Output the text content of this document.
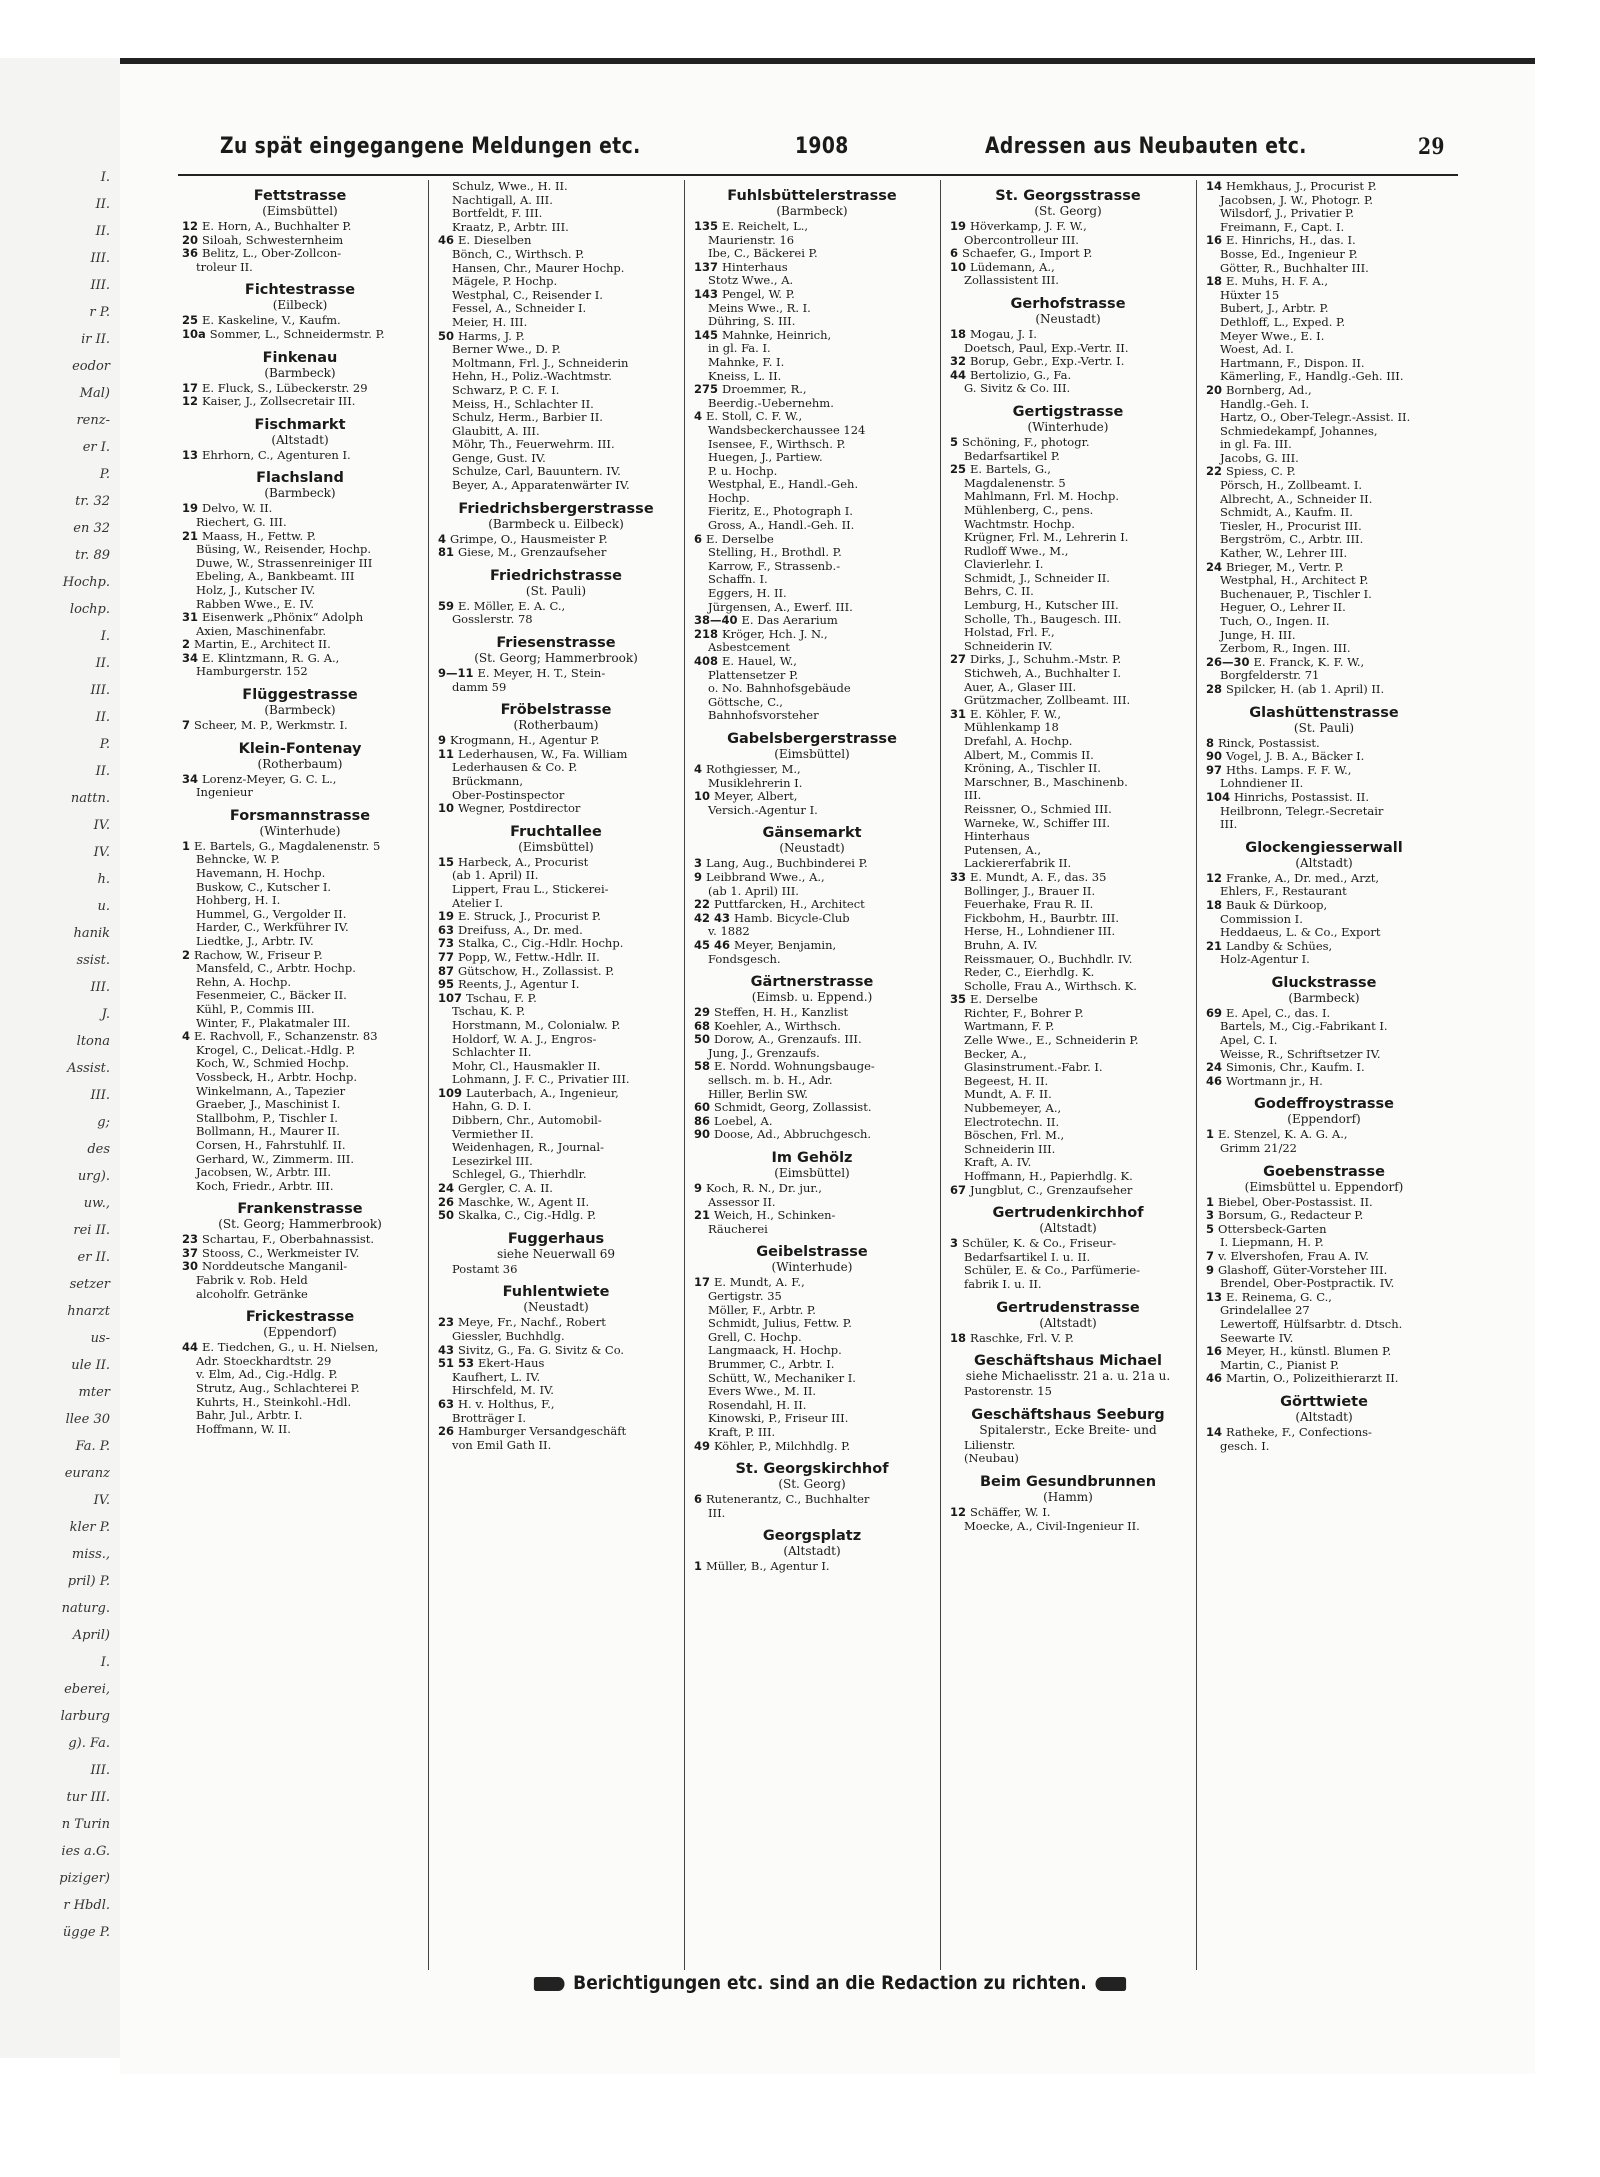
I.
II.
II.
III.
III.
r P.
ir II.
eodor
Mal)
renz-
er I.
P.
tr. 32
en 32
tr. 89
Hochp.
lochp.
I.
II.
III.
II.
P.
II.
nattn.
IV.
IV.
h.
u.
hanik
ssist.
III.
J.
ltona
Assist.
III.
g;
des
urg).
uw.,
rei II.
er II.
setzer
hnarzt
us-
ule II.
mter
llee 30
Fa. P.
euranz
IV.
kler P.
miss.,
pril) P.
naturg.
April)
I.
eberei,
larburg
g). Fa.
III.
tur III.
n Turin
ies a.G.
piziger)
r Hbdl.
ügge P.
Zu spät eingegangene Meldungen etc.	1908	Adressen aus Neubauten etc.	29
Fettstrasse
(Eimsbüttel)
12 E. Horn, A., Buchhalter P.
20 Siloah, Schwesternheim
36 Belitz, L., Ober-Zollcon-
troleur II.
Fichtestrasse
(Eilbeck)
25 E. Kaskeline, V., Kaufm.
10a Sommer, L., Schneidermstr. P.
Finkenau
(Barmbeck)
17 E. Fluck, S., Lübeckerstr. 29
12 Kaiser, J., Zollsecretair III.
Fischmarkt
(Altstadt)
13 Ehrhorn, C., Agenturen I.
Flachsland
(Barmbeck)
19 Delvo, W. II.
Riechert, G. III.
21 Maass, H., Fettw. P.
Büsing, W., Reisender, Hochp.
Duwe, W., Strassenreiniger III
Ebeling, A., Bankbeamt. III
Holz, J., Kutscher IV.
Rabben Wwe., E. IV.
31 Eisenwerk „Phönix“ Adolph
Axien, Maschinenfabr.
2 Martin, E., Architect II.
34 E. Klintzmann, R. G. A.,
Hamburgerstr. 152
Flüggestrasse
(Barmbeck)
7 Scheer, M. P., Werkmstr. I.
Klein-Fontenay
(Rotherbaum)
34 Lorenz-Meyer, G. C. L.,
Ingenieur
Forsmannstrasse
(Winterhude)
1 E. Bartels, G., Magdalenenstr. 5
Behncke, W. P.
Havemann, H. Hochp.
Buskow, C., Kutscher I.
Hohberg, H. I.
Hummel, G., Vergolder II.
Harder, C., Werkführer IV.
Liedtke, J., Arbtr. IV.
2 Rachow, W., Friseur P.
Mansfeld, C., Arbtr. Hochp.
Rehn, A. Hochp.
Fesenmeier, C., Bäcker II.
Kühl, P., Commis III.
Winter, F., Plakatmaler III.
4 E. Rachvoll, F., Schanzenstr. 83
Krogel, C., Delicat.-Hdlg. P.
Koch, W., Schmied Hochp.
Vossbeck, H., Arbtr. Hochp.
Winkelmann, A., Tapezier
Graeber, J., Maschinist I.
Stallbohm, P., Tischler I.
Bollmann, H., Maurer II.
Corsen, H., Fahrstuhlf. II.
Gerhard, W., Zimmerm. III.
Jacobsen, W., Arbtr. III.
Koch, Friedr., Arbtr. III.
Frankenstrasse
(St. Georg; Hammerbrook)
23 Schartau, F., Oberbahnassist.
37 Stooss, C., Werkmeister IV.
30 Norddeutsche Manganil-
Fabrik v. Rob. Held
alcoholfr. Getränke
Frickestrasse
(Eppendorf)
44 E. Tiedchen, G., u. H. Nielsen,
Adr. Stoeckhardtstr. 29
v. Elm, Ad., Cig.-Hdlg. P.
Strutz, Aug., Schlachterei P.
Kuhrts, H., Steinkohl.-Hdl.
Bahr, Jul., Arbtr. I.
Hoffmann, W. II.
Schulz, Wwe., H. II.
Nachtigall, A. III.
Bortfeldt, F. III.
Kraatz, P., Arbtr. III.
46 E. Dieselben
Bönch, C., Wirthsch. P.
Hansen, Chr., Maurer Hochp.
Mägele, P. Hochp.
Westphal, C., Reisender I.
Fessel, A., Schneider I.
Meier, H. III.
50 Harms, J. P.
Berner Wwe., D. P.
Moltmann, Frl. J., Schneiderin
Hehn, H., Poliz.-Wachtmstr.
Schwarz, P. C. F. I.
Meiss, H., Schlachter II.
Schulz, Herm., Barbier II.
Glaubitt, A. III.
Möhr, Th., Feuerwehrm. III.
Genge, Gust. IV.
Schulze, Carl, Bauuntern. IV.
Beyer, A., Apparatenwärter IV.
Friedrichsbergerstrasse
(Barmbeck u. Eilbeck)
4 Grimpe, O., Hausmeister P.
81 Giese, M., Grenzaufseher
Friedrichstrasse
(St. Pauli)
59 E. Möller, E. A. C.,
Gosslerstr. 78
Friesenstrasse
(St. Georg; Hammerbrook)
9—11 E. Meyer, H. T., Stein-
damm 59
Fröbelstrasse
(Rotherbaum)
9 Krogmann, H., Agentur P.
11 Lederhausen, W., Fa. William
Lederhausen & Co. P.
Brückmann,
Ober-Postinspector
10 Wegner, Postdirector
Fruchtallee
(Eimsbüttel)
15 Harbeck, A., Procurist
(ab 1. April) II.
Lippert, Frau L., Stickerei-
Atelier I.
19 E. Struck, J., Procurist P.
63 Dreifuss, A., Dr. med.
73 Stalka, C., Cig.-Hdlr. Hochp.
77 Popp, W., Fettw.-Hdlr. II.
87 Gütschow, H., Zollassist. P.
95 Reents, J., Agentur I.
107 Tschau, F. P.
Tschau, K. P.
Horstmann, M., Colonialw. P.
Holdorf, W. A. J., Engros-
Schlachter II.
Mohr, Cl., Hausmakler II.
Lohmann, J. F. C., Privatier III.
109 Lauterbach, A., Ingenieur,
Hahn, G. D. I.
Dibbern, Chr., Automobil-
Vermiether II.
Weidenhagen, R., Journal-
Lesezirkel III.
Schlegel, G., Thierhdlr.
24 Gergler, C. A. II.
26 Maschke, W., Agent II.
50 Skalka, C., Cig.-Hdlg. P.
Fuggerhaus
siehe Neuerwall 69
Postamt 36
Fuhlentwiete
(Neustadt)
23 Meye, Fr., Nachf., Robert
Giessler, Buchhdlg.
43 Sivitz, G., Fa. G. Sivitz & Co.
51 53 Ekert-Haus
Kaufhert, L. IV.
Hirschfeld, M. IV.
63 H. v. Holthus, F.,
Brotträger I.
26 Hamburger Versandgeschäft
von Emil Gath II.
Fuhlsbüttelerstrasse
(Barmbeck)
135 E. Reichelt, L.,
Maurienstr. 16
Ibe, C., Bäckerei P.
137 Hinterhaus
Stotz Wwe., A.
143 Pengel, W. P.
Meins Wwe., R. I.
Dühring, S. III.
145 Mahnke, Heinrich,
in gl. Fa. I.
Mahnke, F. I.
Kneiss, L. II.
275 Droemmer, R.,
Beerdig.-Uebernehm.
4 E. Stoll, C. F. W.,
Wandsbeckerchaussee 124
Isensee, F., Wirthsch. P.
Huegen, J., Partiew.
P. u. Hochp.
Westphal, E., Handl.-Geh.
Hochp.
Fieritz, E., Photograph I.
Gross, A., Handl.-Geh. II.
6 E. Derselbe
Stelling, H., Brothdl. P.
Karrow, F., Strassenb.-
Schaffn. I.
Eggers, H. II.
Jürgensen, A., Ewerf. III.
38—40 E. Das Aerarium
218 Kröger, Hch. J. N.,
Asbestcement
408 E. Hauel, W.,
Plattensetzer P.
o. No. Bahnhofsgebäude
Göttsche, C.,
Bahnhofsvorsteher
Gabelsbergerstrasse
(Eimsbüttel)
4 Rothgiesser, M.,
Musiklehrerin I.
10 Meyer, Albert,
Versich.-Agentur I.
Gänsemarkt
(Neustadt)
3 Lang, Aug., Buchbinderei P.
9 Leibbrand Wwe., A.,
(ab 1. April) III.
22 Puttfarcken, H., Architect
42 43 Hamb. Bicycle-Club
v. 1882
45 46 Meyer, Benjamin,
Fondsgesch.
Gärtnerstrasse
(Eimsb. u. Eppend.)
29 Steffen, H. H., Kanzlist
68 Koehler, A., Wirthsch.
50 Dorow, A., Grenzaufs. III.
Jung, J., Grenzaufs.
58 E. Nordd. Wohnungsbauge-
sellsch. m. b. H., Adr.
Hiller, Berlin SW.
60 Schmidt, Georg, Zollassist.
86 Loebel, A.
90 Doose, Ad., Abbruchgesch.
Im Gehölz
(Eimsbüttel)
9 Koch, R. N., Dr. jur.,
Assessor II.
21 Weich, H., Schinken-
Räucherei
Geibelstrasse
(Winterhude)
17 E. Mundt, A. F.,
Gertigstr. 35
Möller, F., Arbtr. P.
Schmidt, Julius, Fettw. P.
Grell, C. Hochp.
Langmaack, H. Hochp.
Brummer, C., Arbtr. I.
Schütt, W., Mechaniker I.
Evers Wwe., M. II.
Rosendahl, H. II.
Kinowski, P., Friseur III.
Kraft, P. III.
49 Köhler, P., Milchhdlg. P.
St. Georgskirchhof
(St. Georg)
6 Rutenerantz, C., Buchhalter
III.
Georgsplatz
(Altstadt)
1 Müller, B., Agentur I.
St. Georgsstrasse
(St. Georg)
19 Höverkamp, J. F. W.,
Obercontrolleur III.
6 Schaefer, G., Import P.
10 Lüdemann, A.,
Zollassistent III.
Gerhofstrasse
(Neustadt)
18 Mogau, J. I.
Doetsch, Paul, Exp.-Vertr. II.
32 Borup, Gebr., Exp.-Vertr. I.
44 Bertolizio, G., Fa.
G. Sivitz & Co. III.
Gertigstrasse
(Winterhude)
5 Schöning, F., photogr.
Bedarfsartikel P.
25 E. Bartels, G.,
Magdalenenstr. 5
Mahlmann, Frl. M. Hochp.
Mühlenberg, C., pens.
Wachtmstr. Hochp.
Krügner, Frl. M., Lehrerin I.
Rudloff Wwe., M.,
Clavierlehr. I.
Schmidt, J., Schneider II.
Behrs, C. II.
Lemburg, H., Kutscher III.
Scholle, Th., Baugesch. III.
Holstad, Frl. F.,
Schneiderin IV.
27 Dirks, J., Schuhm.-Mstr. P.
Stichweh, A., Buchhalter I.
Auer, A., Glaser III.
Grützmacher, Zollbeamt. III.
31 E. Köhler, F. W.,
Mühlenkamp 18
Drefahl, A. Hochp.
Albert, M., Commis II.
Kröning, A., Tischler II.
Marschner, B., Maschinenb.
III.
Reissner, O., Schmied III.
Warneke, W., Schiffer III.
Hinterhaus
Putensen, A.,
Lackiererfabrik II.
33 E. Mundt, A. F., das. 35
Bollinger, J., Brauer II.
Feuerhake, Frau R. II.
Fickbohm, H., Baurbtr. III.
Herse, H., Lohndiener III.
Bruhn, A. IV.
Reissmauer, O., Buchhdlr. IV.
Reder, C., Eierhdlg. K.
Scholle, Frau A., Wirthsch. K.
35 E. Derselbe
Richter, F., Bohrer P.
Wartmann, F. P.
Zelle Wwe., E., Schneiderin P.
Becker, A.,
Glasinstrument.-Fabr. I.
Begeest, H. II.
Mundt, A. F. II.
Nubbemeyer, A.,
Electrotechn. II.
Böschen, Frl. M.,
Schneiderin III.
Kraft, A. IV.
Hoffmann, H., Papierhdlg. K.
67 Jungblut, C., Grenzaufseher
Gertrudenkirchhof
(Altstadt)
3 Schüler, K. & Co., Friseur-
Bedarfsartikel I. u. II.
Schüler, E. & Co., Parfümerie-
fabrik I. u. II.
Gertrudenstrasse
(Altstadt)
18 Raschke, Frl. V. P.
Geschäftshaus Michael
siehe Michaelisstr. 21 a. u. 21a u.
Pastorenstr. 15
Geschäftshaus Seeburg
Spitalerstr., Ecke Breite- und
Lilienstr.
(Neubau)
Beim Gesundbrunnen
(Hamm)
12 Schäffer, W. I.
Moecke, A., Civil-Ingenieur II.
14 Hemkhaus, J., Procurist P.
Jacobsen, J. W., Photogr. P.
Wilsdorf, J., Privatier P.
Freimann, F., Capt. I.
16 E. Hinrichs, H., das. I.
Bosse, Ed., Ingenieur P.
Götter, R., Buchhalter III.
18 E. Muhs, H. F. A.,
Hüxter 15
Bubert, J., Arbtr. P.
Dethloff, L., Exped. P.
Meyer Wwe., E. I.
Woest, Ad. I.
Hartmann, F., Dispon. II.
Kämerling, F., Handlg.-Geh. III.
20 Bornberg, Ad.,
Handlg.-Geh. I.
Hartz, O., Ober-Telegr.-Assist. II.
Schmiedekampf, Johannes,
in gl. Fa. III.
Jacobs, G. III.
22 Spiess, C. P.
Pörsch, H., Zollbeamt. I.
Albrecht, A., Schneider II.
Schmidt, A., Kaufm. II.
Tiesler, H., Procurist III.
Bergström, C., Arbtr. III.
Kather, W., Lehrer III.
24 Brieger, M., Vertr. P.
Westphal, H., Architect P.
Buchenauer, P., Tischler I.
Heguer, O., Lehrer II.
Tuch, O., Ingen. II.
Junge, H. III.
Zerbom, R., Ingen. III.
26—30 E. Franck, K. F. W.,
Borgfelderstr. 71
28 Spilcker, H. (ab 1. April) II.
Glashüttenstrasse
(St. Pauli)
8 Rinck, Postassist.
90 Vogel, J. B. A., Bäcker I.
97 Hths. Lamps. F. F. W.,
Lohndiener II.
104 Hinrichs, Postassist. II.
Heilbronn, Telegr.-Secretair
III.
Glockengiesserwall
(Altstadt)
12 Franke, A., Dr. med., Arzt,
Ehlers, F., Restaurant
18 Bauk & Dürkoop,
Commission I.
Heddaeus, L. & Co., Export
21 Landby & Schües,
Holz-Agentur I.
Gluckstrasse
(Barmbeck)
69 E. Apel, C., das. I.
Bartels, M., Cig.-Fabrikant I.
Apel, C. I.
Weisse, R., Schriftsetzer IV.
24 Simonis, Chr., Kaufm. I.
46 Wortmann jr., H.
Godeffroystrasse
(Eppendorf)
1 E. Stenzel, K. A. G. A.,
Grimm 21/22
Goebenstrasse
(Eimsbüttel u. Eppendorf)
1 Biebel, Ober-Postassist. II.
3 Borsum, G., Redacteur P.
5 Ottersbeck-Garten
I. Liepmann, H. P.
7 v. Elvershofen, Frau A. IV.
9 Glashoff, Güter-Vorsteher III.
Brendel, Ober-Postpractik. IV.
13 E. Reinema, G. C.,
Grindelallee 27
Lewertoff, Hülfsarbtr. d. Dtsch.
Seewarte IV.
16 Meyer, H., künstl. Blumen P.
Martin, C., Pianist P.
46 Martin, O., Polizeithierarzt II.
Görttwiete
(Altstadt)
14 Ratheke, F., Confections-
gesch. I.
Berichtigungen etc. sind an die Redaction zu richten.
